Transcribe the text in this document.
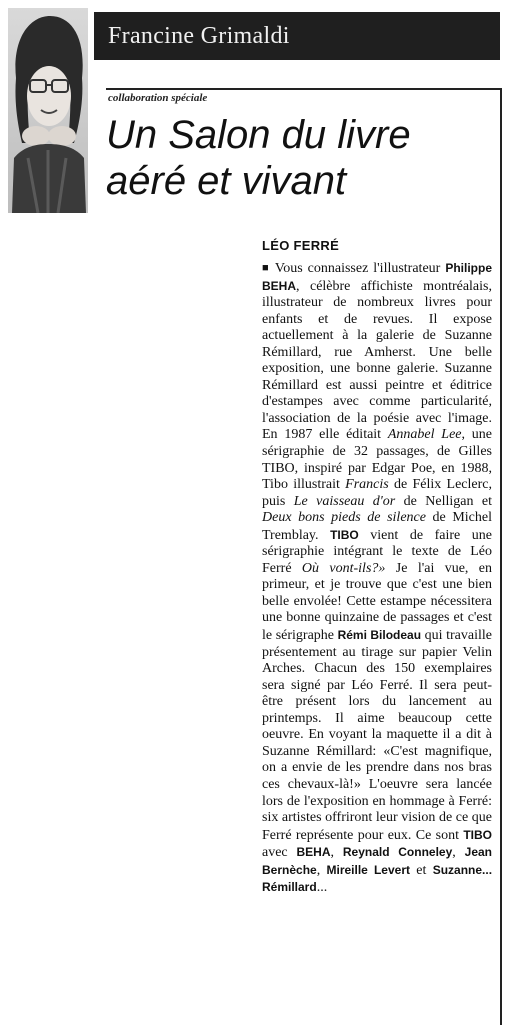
Francine Grimaldi
collaboration spéciale
Un Salon du livre
aéré et vivant
LÉO FERRÉ

■ Vous connaissez l'illustrateur Philippe BEHA, célèbre affichiste montréalais, illustrateur de nombreux livres pour enfants et de revues. Il expose actuellement à la galerie de Suzanne Rémillard, rue Amherst. Une belle exposition, une bonne galerie. Suzanne Rémillard est aussi peintre et éditrice d'estampes avec comme particularité, l'association de la poésie avec l'image. En 1987 elle éditait Annabel Lee, une sérigraphie de 32 passages, de Gilles TIBO, inspiré par Edgar Poe, en 1988, Tibo illustrait Francis de Félix Leclerc, puis Le vaisseau d'or de Nelligan et Deux bons pieds de silence de Michel Tremblay. TIBO vient de faire une sérigraphie intégrant le texte de Léo Ferré Où vont-ils?» Je l'ai vue, en primeur, et je trouve que c'est une bien belle envolée! Cette estampe nécessitera une bonne quinzaine de passages et c'est le sérigraphe Rémi Bilodeau qui travaille présentement au tirage sur papier Velin Arches. Chacun des 150 exemplaires sera signé par Léo Ferré. Il sera peut-être présent lors du lancement au printemps. Il aime beaucoup cette oeuvre. En voyant la maquette il a dit à Suzanne Rémillard: «C'est magnifique, on a envie de les prendre dans nos bras ces chevaux-là!» L'oeuvre sera lancée lors de l'exposition en hommage à Ferré: six artistes offriront leur vision de ce que Ferré représente pour eux. Ce sont TIBO avec BEHA, Reynald Conneley, Jean Bernèche, Mireille Levert et Suzanne... Rémillard...
